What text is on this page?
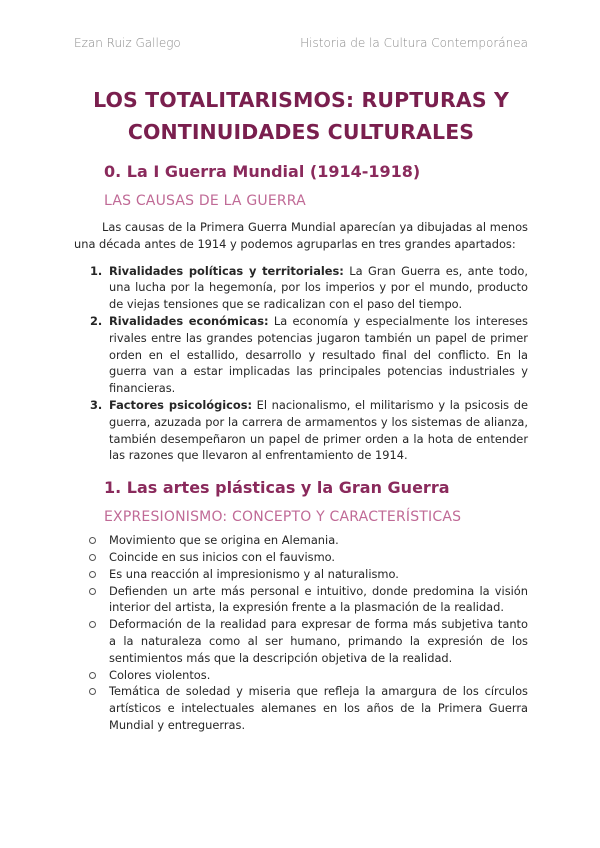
Ezan Ruiz Gallego	Historia de la Cultura Contemporánea
LOS TOTALITARISMOS: RUPTURAS Y CONTINUIDADES CULTURALES
0. La I Guerra Mundial (1914-1918)
LAS CAUSAS DE LA GUERRA

Las causas de la Primera Guerra Mundial aparecían ya dibujadas al menos una década antes de 1914 y podemos agruparlas en tres grandes apartados:

1. Rivalidades políticas y territoriales: La Gran Guerra es, ante todo, una lucha por la hegemonía, por los imperios y por el mundo, producto de viejas tensiones que se radicalizan con el paso del tiempo.
2. Rivalidades económicas: La economía y especialmente los intereses rivales entre las grandes potencias jugaron también un papel de primer orden en el estallido, desarrollo y resultado final del conflicto. En la guerra van a estar implicadas las principales potencias industriales y financieras.
3. Factores psicológicos: El nacionalismo, el militarismo y la psicosis de guerra, azuzada por la carrera de armamentos y los sistemas de alianza, también desempeñaron un papel de primer orden a la hota de entender las razones que llevaron al enfrentamiento de 1914.
1. Las artes plásticas y la Gran Guerra
EXPRESIONISMO: CONCEPTO Y CARACTERÍSTICAS
Movimiento que se origina en Alemania.
Coincide en sus inicios con el fauvismo.
Es una reacción al impresionismo y al naturalismo.
Defienden un arte más personal e intuitivo, donde predomina la visión interior del artista, la expresión frente a la plasmación de la realidad.
Deformación de la realidad para expresar de forma más subjetiva tanto a la naturaleza como al ser humano, primando la expresión de los sentimientos más que la descripción objetiva de la realidad.
Colores violentos.
Temática de soledad y miseria que refleja la amargura de los círculos artísticos e intelectuales alemanes en los años de la Primera Guerra Mundial y entreguerras.
